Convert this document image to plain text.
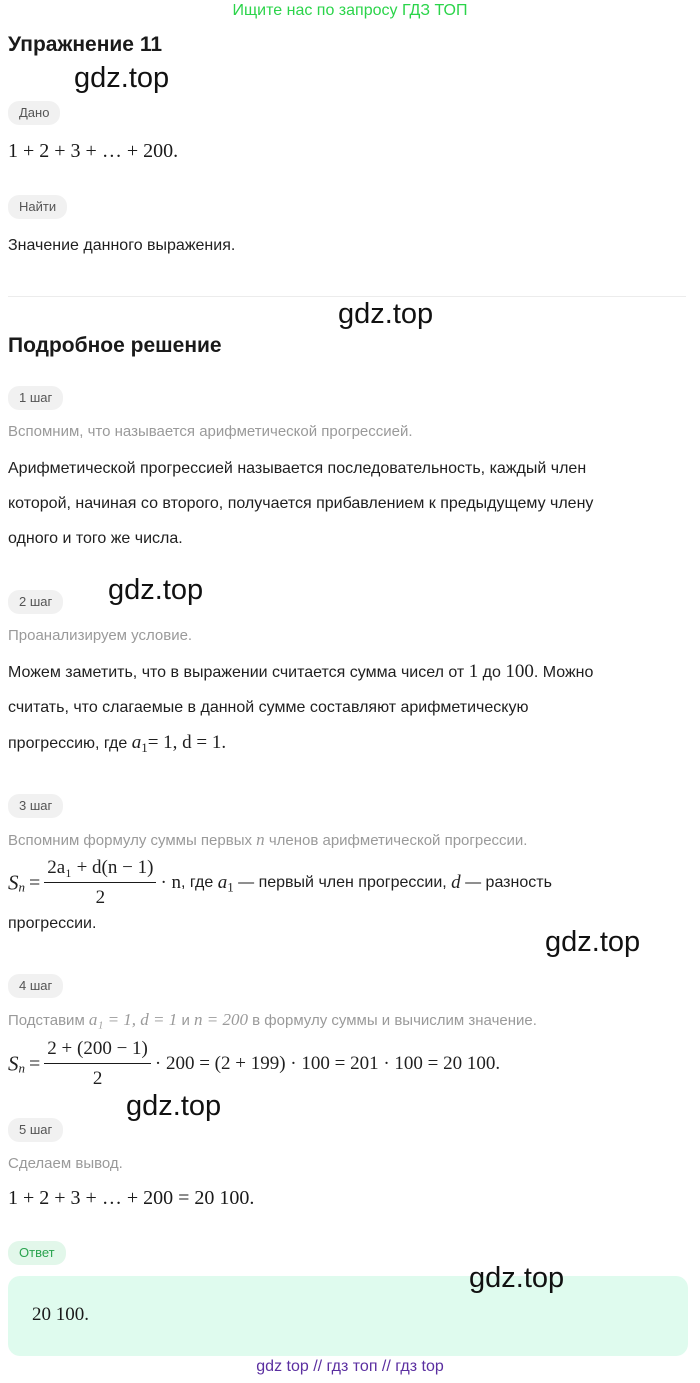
Ищите нас по запросу ГДЗ ТОП
Упражнение 11
gdz.top
Дано
1 + 2 + 3 + … + 200.
Найти
Значение данного выражения.
gdz.top
Подробное решение
1 шаг
Вспомним, что называется арифметической прогрессией.
Арифметической прогрессией называется последовательность, каждый член
которой, начиная со второго, получается прибавлением к предыдущему члену
одного и того же числа.
2 шаг	gdz.top
Проанализируем условие.
Можем заметить, что в выражении считается сумма чисел от 1 до 100. Можно
считать, что слагаемые в данной сумме составляют арифметическую
прогрессию, где $a_1= 1$, d = 1.
3 шаг
Вспомним формулу суммы первых n членов арифметической прогрессии.
$S_n = \frac{\text{2a₁ + d(n − 1)}}{2} \cdot n$, где $a_1$ — первый член прогрессии, d — разность
прогрессии.
gdz.top
4 шаг
Подставим a₁ = 1, d = 1 и n = 200 в формулу суммы и вычислим значение.
$S_n = \frac{2 + (200 - 1)}{2} \cdot 200 = (2 + 199) \cdot 100 = 201 \cdot 100 = 20$ 100.
gdz.top
5 шаг
Сделаем вывод.
1 + 2 + 3 + … + 200 = 20 100.
Ответ
20 100.
gdz.top
gdz top // гдз топ // гдз top
